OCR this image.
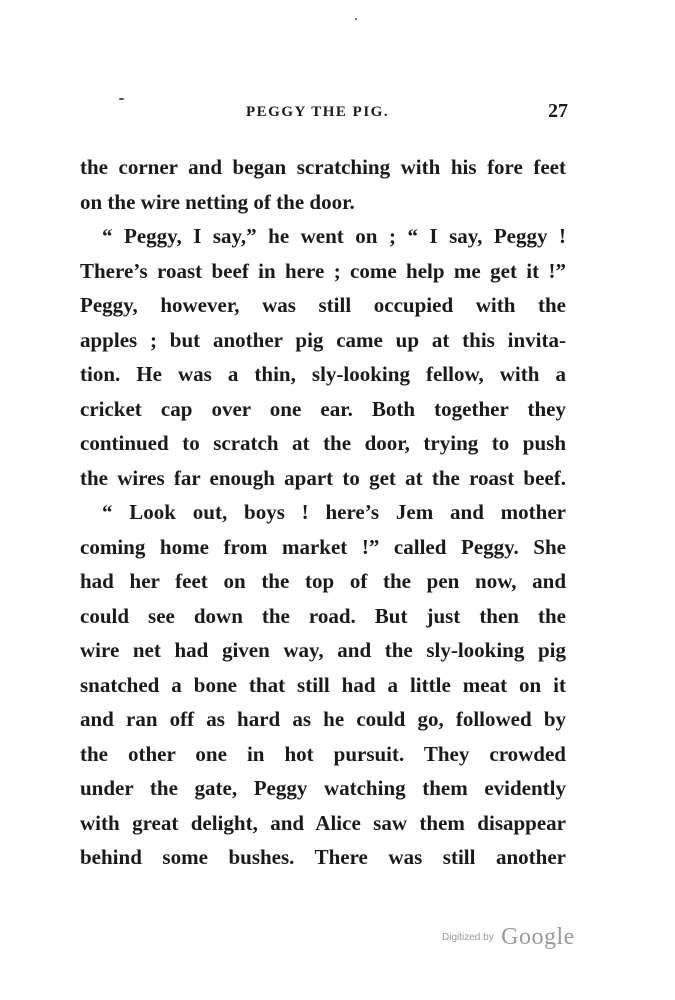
PEGGY THE PIG.	27
the corner and began scratching with his fore feet
on the wire netting of the door.
“ Peggy, I say,” he went on ; “ I say, Peggy !
There’s roast beef in here ; come help me get it !”
Peggy, however, was still occupied with the
apples ; but another pig came up at this invita-
tion. He was a thin, sly-looking fellow, with a
cricket cap over one ear. Both together they
continued to scratch at the door, trying to push
the wires far enough apart to get at the roast beef.
“ Look out, boys ! here’s Jem and mother
coming home from market !” called Peggy. She
had her feet on the top of the pen now, and
could see down the road. But just then the
wire net had given way, and the sly-looking pig
snatched a bone that still had a little meat on it
and ran off as hard as he could go, followed by
the other one in hot pursuit. They crowded
under the gate, Peggy watching them evidently
with great delight, and Alice saw them disappear
behind some bushes. There was still another
Digitized by Google
